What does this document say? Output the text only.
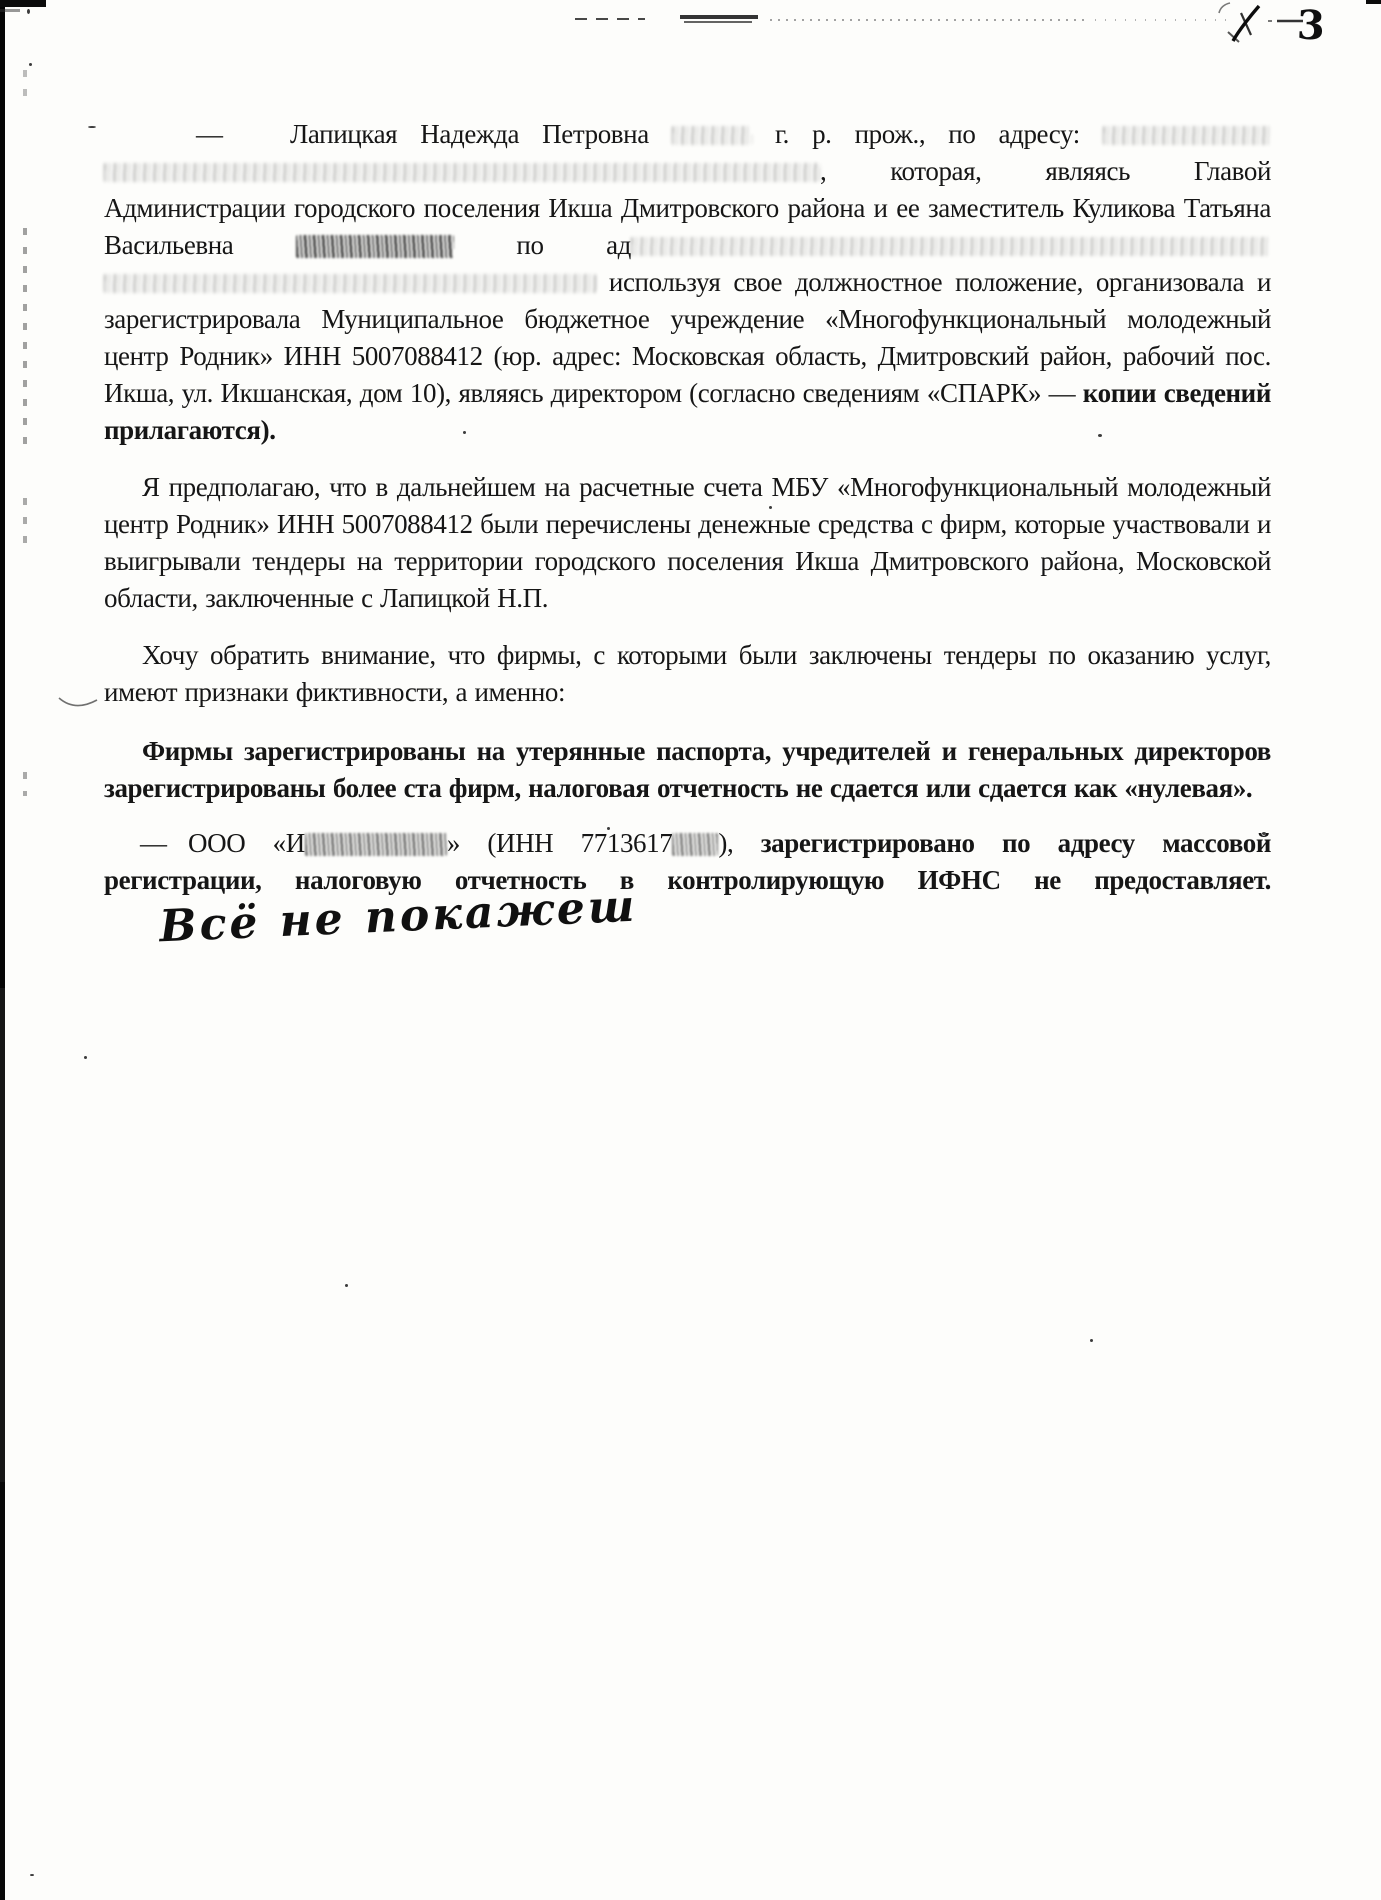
3

— Лапицкая Надежда Петровна	г. р. прож., по адресу:  , которая, являясь Главой Администрации городского поселения Икша Дмитровского района и ее заместитель Куликова Татьяна Васильевна	по ад  используя свое должностное положение, организовала и зарегистрировала Муниципальное бюджетное учреждение «Многофункциональный молодежный центр Родник» ИНН 5007088412 (юр. адрес: Московская область, Дмитровский район, рабочий пос. Икша, ул. Икшанская, дом 10), являясь директором (согласно сведениям «СПАРК» — копии сведений прилагаются).

Я предполагаю, что в дальнейшем на расчетные счета МБУ «Многофункциональный молодежный центр Родник» ИНН 5007088412 были перечислены денежные средства с фирм, которые участвовали и выигрывали тендеры на территории городского поселения Икша Дмитровского района, Московской области, заключенные с Лапицкой Н.П.

Хочу обратить внимание, что фирмы, с которыми были заключены тендеры по оказанию услуг, имеют признаки фиктивности, а именно:

Фирмы зарегистрированы на утерянные паспорта, учредителей и генеральных директоров зарегистрированы более ста фирм, налоговая отчетность не сдается или сдается как «нулевая».

— ООО «И	» (ИНН 7713617 ), зарегистрировано по адресу массовой регистрации, налоговую отчетность в контролирующую ИФНС не предоставляет.Всё не покажеш
